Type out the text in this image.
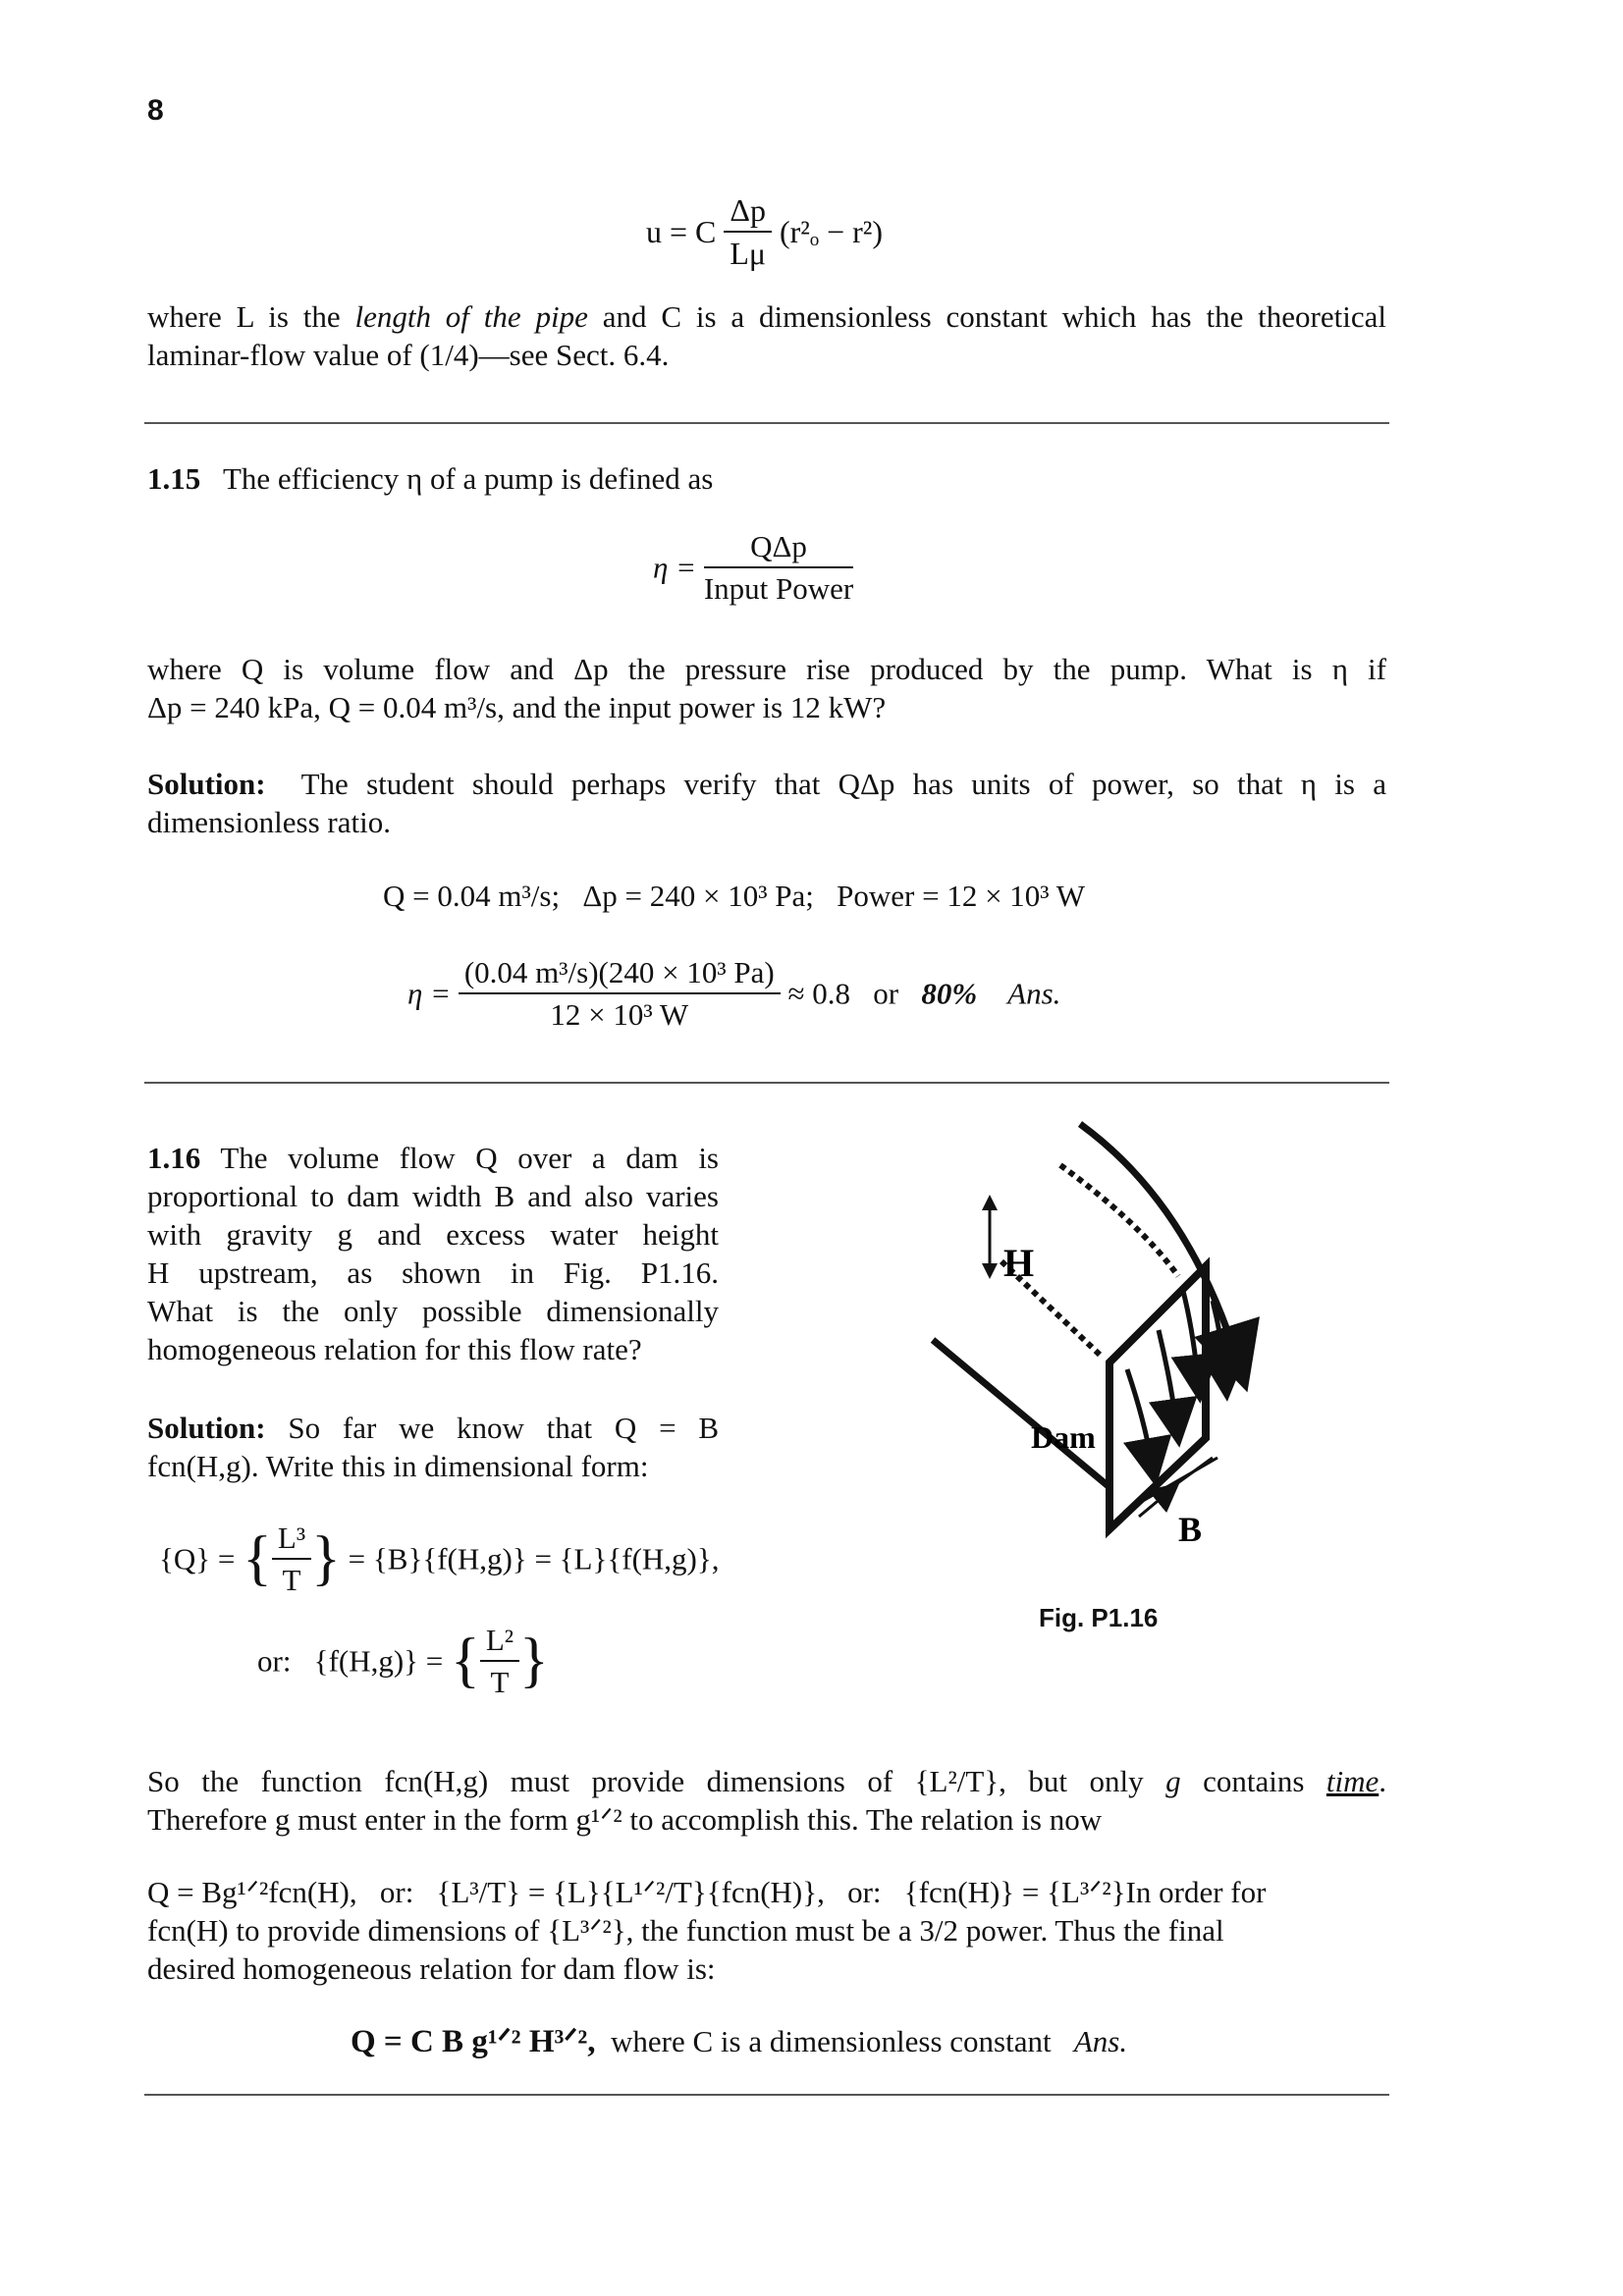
8
u = C $\frac{\Delta p}{L\mu} (r^2_o - r^2)$
where L is the length of the pipe and C is a dimensionless constant which has the theoretical
laminar-flow value of (1/4)—see Sect. 6.4.
1.15 The efficiency η of a pump is defined as
$\eta = \frac{\text{QΔp}}{\text{Input Power}}$
where Q is volume flow and Δp the pressure rise produced by the pump. What is η if
Δp = 240 kPa, Q = 0.04 m³/s, and the input power is 12 kW?
Solution: The student should perhaps verify that QΔp has units of power, so that η is a
dimensionless ratio.
Q = 0.04 m³/s;   Δp = 240 × 10³ Pa;   Power = 12 × 10³ W
$\eta = \frac{\text{(0.04 m³/s)(240 × 10³ Pa)}}{\text{12 × 10³ W}} \approx 0.8$   or 80% Ans.
1.16 The volume flow Q over a dam is
proportional to dam width B and also varies
with gravity g and excess water height
H upstream, as shown in Fig. P1.16.
What is the only possible dimensionally
homogeneous relation for this flow rate?
Solution: So far we know that Q = B
fcn(H,g). Write this in dimensional form:
{Q} = { $\frac{\text{L³}}{T}$ } = {B}{f(H,g)} = {L}{f(H,g)},
or:   {f(H,g)} = { $\frac{\text{L²}}{T}$ }
H
Dam
B
Fig. P1.16
So the function fcn(H,g) must provide dimensions of {L²/T}, but only g contains time.
Therefore g must enter in the form g¹ᐟ² to accomplish this. The relation is now
Q = Bg¹ᐟ²fcn(H),   or:   {L³/T} = {L}{L¹ᐟ²/T}{fcn(H)},   or:   {fcn(H)} = {L³ᐟ²}In order for
fcn(H) to provide dimensions of {L³ᐟ²}, the function must be a 3/2 power. Thus the final
desired homogeneous relation for dam flow is:
Q = C B g¹ᐟ² H³ᐟ²,  where C is a dimensionless constant   Ans.
